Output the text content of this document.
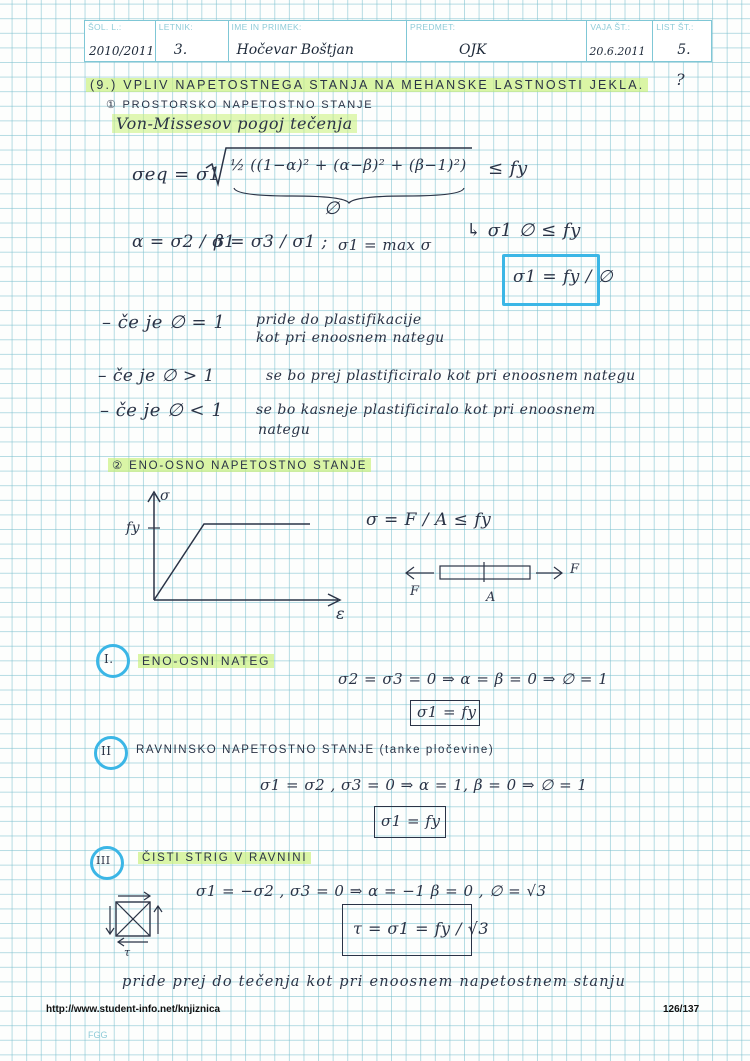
ŠOL. L.:
2010/2011
LETNIK:
3.
IME IN PRIIMEK:
Hočevar Boštjan
PREDMET:
OJK
VAJA ŠT.:
20.6.2011
LIST ŠT.:
5.
(9.) VPLIV NAPETOSTNEGA STANJA NA MEHANSKE LASTNOSTI JEKLA. ?
① PROSTORSKO NAPETOSTNO STANJE
Von-Missesov pogoj tečenja
σeq = σ1 ½ ((1−α)² + (α−β)² + (β−1)²) ≤ fy
∅
α = σ2 / σ1
β = σ3 / σ1 ; σ1 = max σ
↳ σ1 ∅ ≤ fy
σ1 = fy / ∅
– če je ∅ = 1 pride do plastifikacije
kot pri enoosnem nategu
– če je ∅ > 1	se bo prej plastificiralo kot pri enoosnem nategu
– če je ∅ < 1 se bo kasneje plastificiralo kot pri enoosnem
nategu
② ENO-OSNO NAPETOSTNO STANJE
σ
fy
ε
σ = F / A ≤ fy
F
F
A
I.	ENO-OSNI NATEG
σ2 = σ3 = 0 ⇒ α = β = 0 ⇒ ∅ = 1
σ1 = fy
II RAVNINSKO NAPETOSTNO STANJE (tanke pločevine)
σ1 = σ2 , σ3 = 0 ⇒ α = 1, β = 0 ⇒ ∅ = 1
σ1 = fy
III	ČISTI STRIG V RAVNINI
σ1 = −σ2 , σ3 = 0 ⇒ α = −1 β = 0 , ∅ = √3
τ = σ1 = fy / √3
τ
pride prej do tečenja kot pri enoosnem napetostnem stanju
http://www.student-info.net/knjiznica	126/137
FGG
